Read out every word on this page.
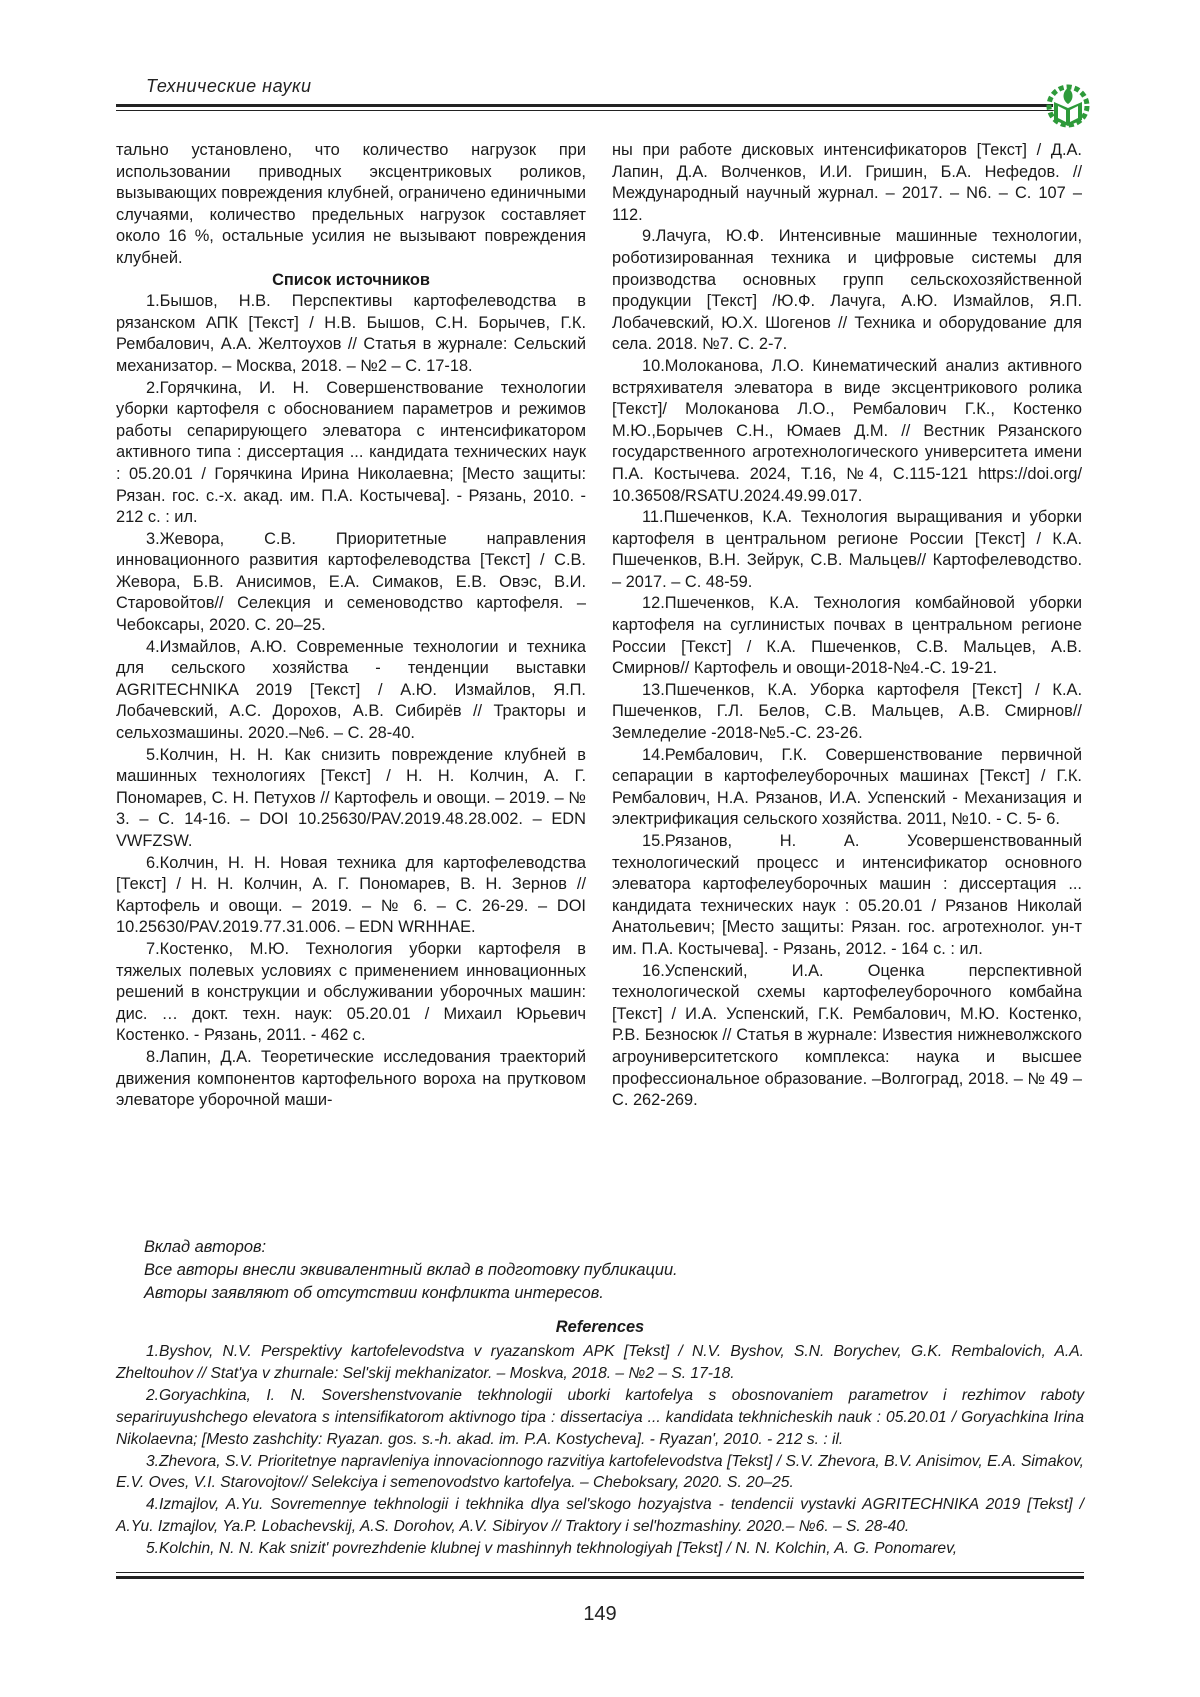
Технические науки

тально установлено, что количество нагрузок при использовании приводных эксцентриковых роликов, вызывающих повреждения клубней, ограничено единичными случаями, количество предельных нагрузок составляет около 16 %, остальные усилия не вызывают повреждения клубней.

Список источников

1.Бышов, Н.В. Перспективы картофелеводства в рязанском АПК [Текст] / Н.В. Бышов, С.Н. Борычев, Г.К. Рембалович, А.А. Желтоухов // Статья в журнале: Сельский механизатор. – Москва, 2018. – №2 – С. 17-18.

2.Горячкина, И. Н. Совершенствование технологии уборки картофеля с обоснованием параметров и режимов работы сепарирующего элеватора с интенсификатором активного типа : диссертация ... кандидата технических наук : 05.20.01 / Горячкина Ирина Николаевна; [Место защиты: Рязан. гос. с.-х. акад. им. П.А. Костычева]. - Рязань, 2010. - 212 с. : ил.

3.Жевора, С.В. Приоритетные направления инновационного развития картофелеводства [Текст] / С.В. Жевора, Б.В. Анисимов, Е.А. Симаков, Е.В. Овэс, В.И. Старовойтов// Селекция и семеноводство картофеля. – Чебоксары, 2020. С. 20–25.

4.Измайлов, А.Ю. Современные технологии и техника для сельского хозяйства - тенденции выставки AGRITECHNIKA 2019 [Текст] / А.Ю. Измайлов, Я.П. Лобачевский, А.С. Дорохов, А.В. Сибирёв // Тракторы и сельхозмашины. 2020.–№6. – С. 28-40.

5.Колчин, Н. Н. Как снизить повреждение клубней в машинных технологиях [Текст] / Н. Н. Колчин, А. Г. Пономарев, С. Н. Петухов // Картофель и овощи. – 2019. – № 3. – С. 14-16. – DOI 10.25630/PAV.2019.48.28.002. – EDN VWFZSW.

6.Колчин, Н. Н. Новая техника для картофелеводства [Текст] / Н. Н. Колчин, А. Г. Пономарев, В. Н. Зернов // Картофель и овощи. – 2019. – № 6. – С. 26-29. – DOI 10.25630/PAV.2019.77.31.006. – EDN WRHHAE.

7.Костенко, М.Ю. Технология уборки картофеля в тяжелых полевых условиях с применением инновационных решений в конструкции и обслуживании уборочных машин: дис. … докт. техн. наук: 05.20.01 / Михаил Юрьевич Костенко. - Рязань, 2011. - 462 с.

8.Лапин, Д.А. Теоретические исследования траекторий движения компонентов картофельного вороха на прутковом элеваторе уборочной маши-

ны при работе дисковых интенсификаторов [Текст] / Д.А. Лапин, Д.А. Волченков, И.И. Гришин, Б.А. Нефедов. // Международный научный журнал. – 2017. – N6. – С. 107 – 112.

9.Лачуга, Ю.Ф. Интенсивные машинные технологии, роботизированная техника и цифровые системы для производства основных групп сельскохозяйственной продукции [Текст] /Ю.Ф. Лачуга, А.Ю. Измайлов, Я.П. Лобачевский, Ю.Х. Шогенов // Техника и оборудование для села. 2018. №7. С. 2-7.

10.Молоканова, Л.О. Кинематический анализ активного встряхивателя элеватора в виде эксцентрикового ролика [Текст]/ Молоканова Л.О., Рембалович Г.К., Костенко М.Ю.,Борычев С.Н., Юмаев Д.М. // Вестник Рязанского государственного агротехнологического университета имени П.А. Костычева. 2024, Т.16, №4, С.115-121 https://doi.org/ 10.36508/RSATU.2024.49.99.017.

11.Пшеченков, К.А. Технология выращивания и уборки картофеля в центральном регионе России [Текст] / К.А. Пшеченков, В.Н. Зейрук, С.В. Мальцев// Картофелеводство. – 2017. – С. 48-59.

12.Пшеченков, К.А. Технология комбайновой уборки картофеля на суглинистых почвах в центральном регионе России [Текст] / К.А. Пшеченков, С.В. Мальцев, А.В. Смирнов// Картофель и овощи-2018-№4.-С. 19-21.

13.Пшеченков, К.А. Уборка картофеля [Текст] / К.А. Пшеченков, Г.Л. Белов, С.В. Мальцев, А.В. Смирнов// Земледелие -2018-№5.-С. 23-26.

14.Рембалович, Г.К. Совершенствование первичной сепарации в картофелеуборочных машинах [Текст] / Г.К. Рембалович, Н.А. Рязанов, И.А. Успенский - Механизация и электрификация сельского хозяйства. 2011, №10. - С. 5- 6.

15.Рязанов, Н. А. Усовершенствованный технологический процесс и интенсификатор основного элеватора картофелеуборочных машин : диссертация ... кандидата технических наук : 05.20.01 / Рязанов Николай Анатольевич; [Место защиты: Рязан. гос. агротехнолог. ун-т им. П.А. Костычева]. - Рязань, 2012. - 164 с. : ил.

16.Успенский, И.А. Оценка перспективной технологической схемы картофелеуборочного комбайна [Текст] / И.А. Успенский, Г.К. Рембалович, М.Ю. Костенко, Р.В. Безносюк // Статья в журнале: Известия нижневолжского агроуниверситетского комплекса: наука и высшее профессиональное образование. –Волгоград, 2018. – № 49 – С. 262-269.

Вклад авторов:
Все авторы внесли эквивалентный вклад в подготовку публикации.
Авторы заявляют об отсутствии конфликта интересов.
References

1.Byshov, N.V. Perspektivy kartofelevodstva v ryazanskom APK [Tekst] / N.V. Byshov, S.N. Borychev, G.K. Rembalovich, A.A. Zheltouhov // Stat'ya v zhurnale: Sel'skij mekhanizator. – Moskva, 2018. – №2 – S. 17-18.

2.Goryachkina, I. N. Sovershenstvovanie tekhnologii uborki kartofelya s obosnovaniem parametrov i rezhimov raboty separiruyushchego elevatora s intensifikatorom aktivnogo tipa : dissertaciya ... kandidata tekhnicheskih nauk : 05.20.01 / Goryachkina Irina Nikolaevna; [Mesto zashchity: Ryazan. gos. s.-h. akad. im. P.A. Kostycheva]. - Ryazan', 2010. - 212 s. : il.

3.Zhevora, S.V. Prioritetnye napravleniya innovacionnogo razvitiya kartofelevodstva [Tekst] / S.V. Zhevora, B.V. Anisimov, E.A. Simakov, E.V. Oves, V.I. Starovojtov// Selekciya i semenovodstvo kartofelya. – Cheboksary, 2020. S. 20–25.

4.Izmajlov, A.Yu. Sovremennye tekhnologii i tekhnika dlya sel'skogo hozyajstva - tendencii vystavki AGRITECHNIKA 2019 [Tekst] / A.Yu. Izmajlov, Ya.P. Lobachevskij, A.S. Dorohov, A.V. Sibiryov // Traktory i sel'hozmashiny. 2020.– №6. – S. 28-40.

5.Kolchin, N. N. Kak snizit' povrezhdenie klubnej v mashinnyh tekhnologiyah [Tekst] / N. N. Kolchin, A. G. Ponomarev,

149
